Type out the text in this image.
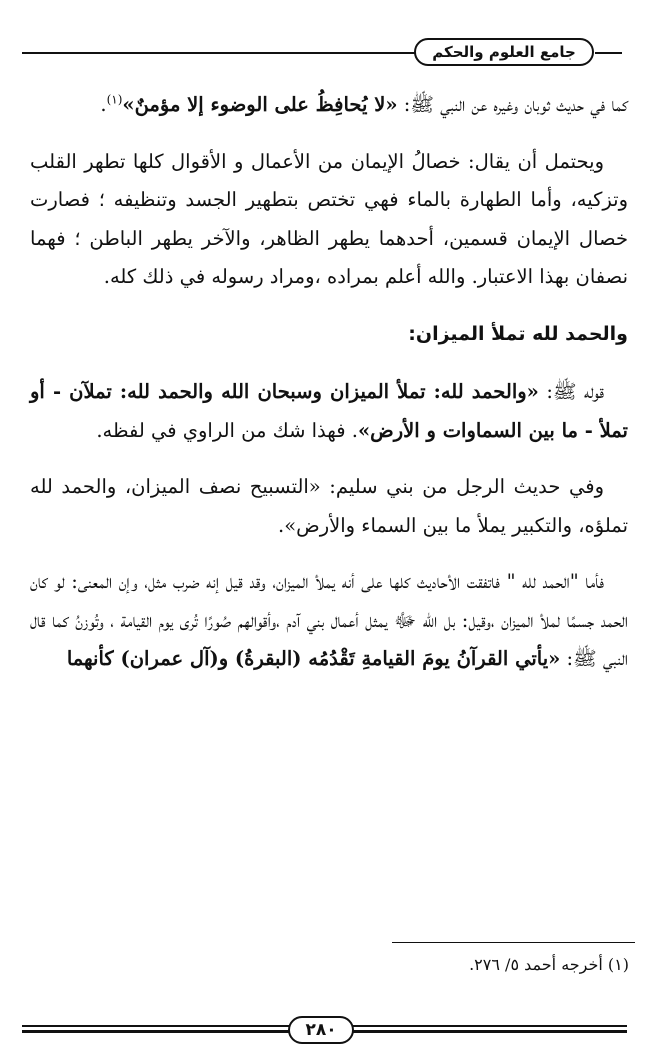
جامع العلوم والحكم

كما في حديث ثوبان وغيره عن النبي ﷺ: «لا يُحافِظُ على الوضوء إلا مؤمنٌ»$^{(١)}$.

ويحتمل أن يقال: خصالُ الإيمان من الأعمال و الأقوال كلها تطهر القلب وتزكيه، وأما الطهارة بالماء فهي تختص بتطهير الجسد وتنظيفه ؛ فصارت خصال الإيمان قسمين، أحدهما يطهر الظاهر، والآخر يطهر الباطن ؛ فهما نصفان بهذا الاعتبار. والله أعلم بمراده ،ومراد رسوله في ذلك كله.

والحمد لله تملأ الميزان:

قوله ﷺ: «والحمد لله: تملأ الميزان وسبحان الله والحمد لله: تملآن - أو تملأ - ما بين السماوات و الأرض». فهذا شك من الراوي في لفظه.

وفي حديث الرجل من بني سليم: «التسبيح نصف الميزان، والحمد لله تملؤه، والتكبير يملأ ما بين السماء والأرض».

فأما "الحمد لله " فاتفقت الأحاديث كلها على أنه يملأ الميزان، وقد قيل إنه ضرب مثل، وإن المعنى: لو كان الحمد جسمًا لملأ الميزان ،وقيل: بل الله ﷻ يمثل أعمال بني آدم ،وأقوالهم صُورًا تُرى يوم القيامة ، وتُوزنُ كما قال النبي ﷺ: «يأتي القرآنُ يومَ القيامةِ تَقْدُمُه (البقرةُ) و(آل عمران) كأنهما

(١) أخرجه أحمد ٥/ ٢٧٦.
٢٨٠
